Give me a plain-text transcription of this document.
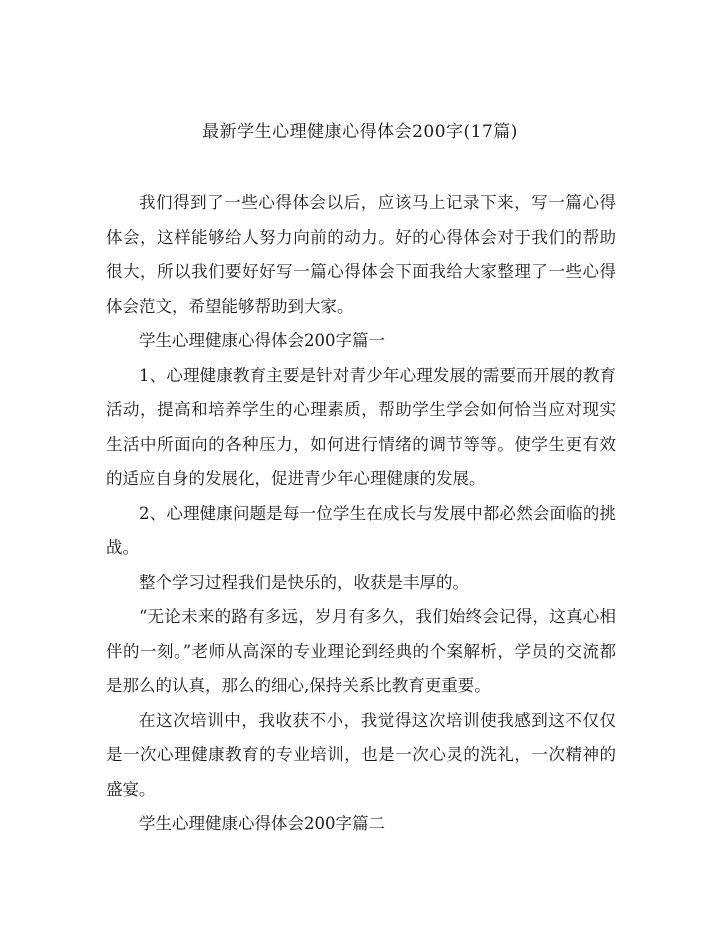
最新学生心理健康心得体会200字(17篇)

我们得到了一些心得体会以后，应该马上记录下来，写一篇心得体会，这样能够给人努力向前的动力。好的心得体会对于我们的帮助很大，所以我们要好好写一篇心得体会下面我给大家整理了一些心得体会范文，希望能够帮助到大家。

学生心理健康心得体会200字篇一

1、心理健康教育主要是针对青少年心理发展的需要而开展的教育活动，提高和培养学生的心理素质，帮助学生学会如何恰当应对现实生活中所面向的各种压力，如何进行情绪的调节等等。使学生更有效的适应自身的发展化，促进青少年心理健康的发展。

2、心理健康问题是每一位学生在成长与发展中都必然会面临的挑战。

整个学习过程我们是快乐的，收获是丰厚的。

“无论未来的路有多远，岁月有多久，我们始终会记得，这真心相伴的一刻。”老师从高深的专业理论到经典的个案解析，学员的交流都是那么的认真，那么的细心,保持关系比教育更重要。

在这次培训中，我收获不小，我觉得这次培训使我感到这不仅仅是一次心理健康教育的专业培训，也是一次心灵的洗礼，一次精神的盛宴。

学生心理健康心得体会200字篇二
